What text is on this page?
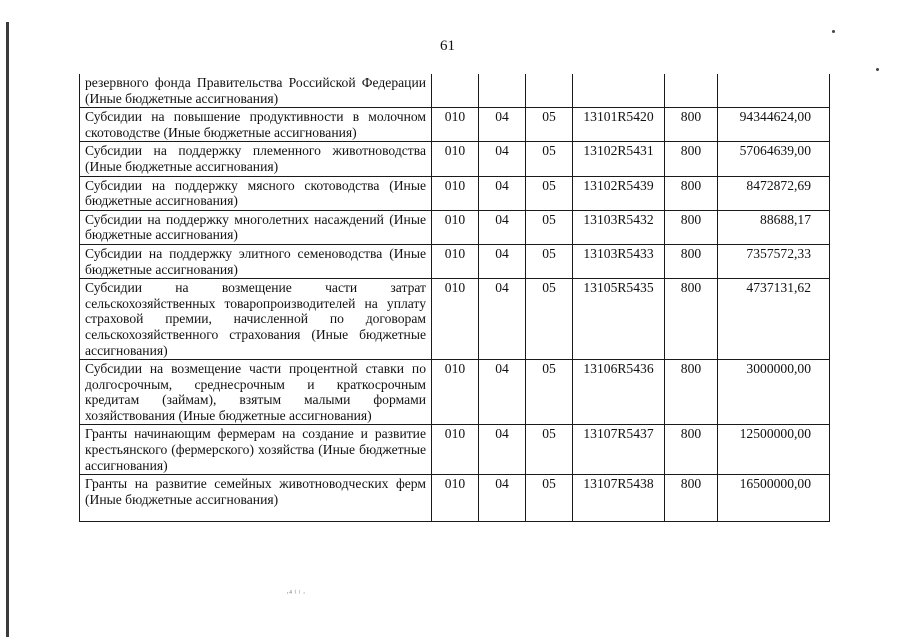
61
резервного фонда Правительства Российской Федерации (Иные бюджетные ассигнования)						
Субсидии на повышение продуктивности в молочном скотоводстве (Иные бюджетные ассигнования)	010	04	05	13101R5420	800	94344624,00
Субсидии на поддержку племенного животноводства (Иные бюджетные ассигнования)	010	04	05	13102R5431	800	57064639,00
Субсидии на поддержку мясного скотоводства (Иные бюджетные ассигнования)	010	04	05	13102R5439	800	8472872,69
Субсидии на поддержку многолетних насаждений (Иные бюджетные ассигнования)	010	04	05	13103R5432	800	88688,17
Субсидии на поддержку элитного семеноводства (Иные бюджетные ассигнования)	010	04	05	13103R5433	800	7357572,33
Субсидии на возмещение части затрат сельскохозяйственных товаропроизводителей на уплату страховой премии, начисленной по договорам сельскохозяйственного страхования (Иные бюджетные ассигнования)	010	04	05	13105R5435	800	4737131,62
Субсидии на возмещение части процентной ставки по долгосрочным, среднесрочным и краткосрочным кредитам (займам), взятым малыми формами хозяйствования (Иные бюджетные ассигнования)	010	04	05	13106R5436	800	3000000,00
Гранты начинающим фермерам на создание и развитие крестьянского (фермерского) хозяйства (Иные бюджетные ассигнования)	010	04	05	13107R5437	800	12500000,00
Гранты на развитие семейных животноводческих ферм (Иные бюджетные ассигнования)	010	04	05	13107R5438	800	16500000,00
·⁴ ⁽ ˡ ·
